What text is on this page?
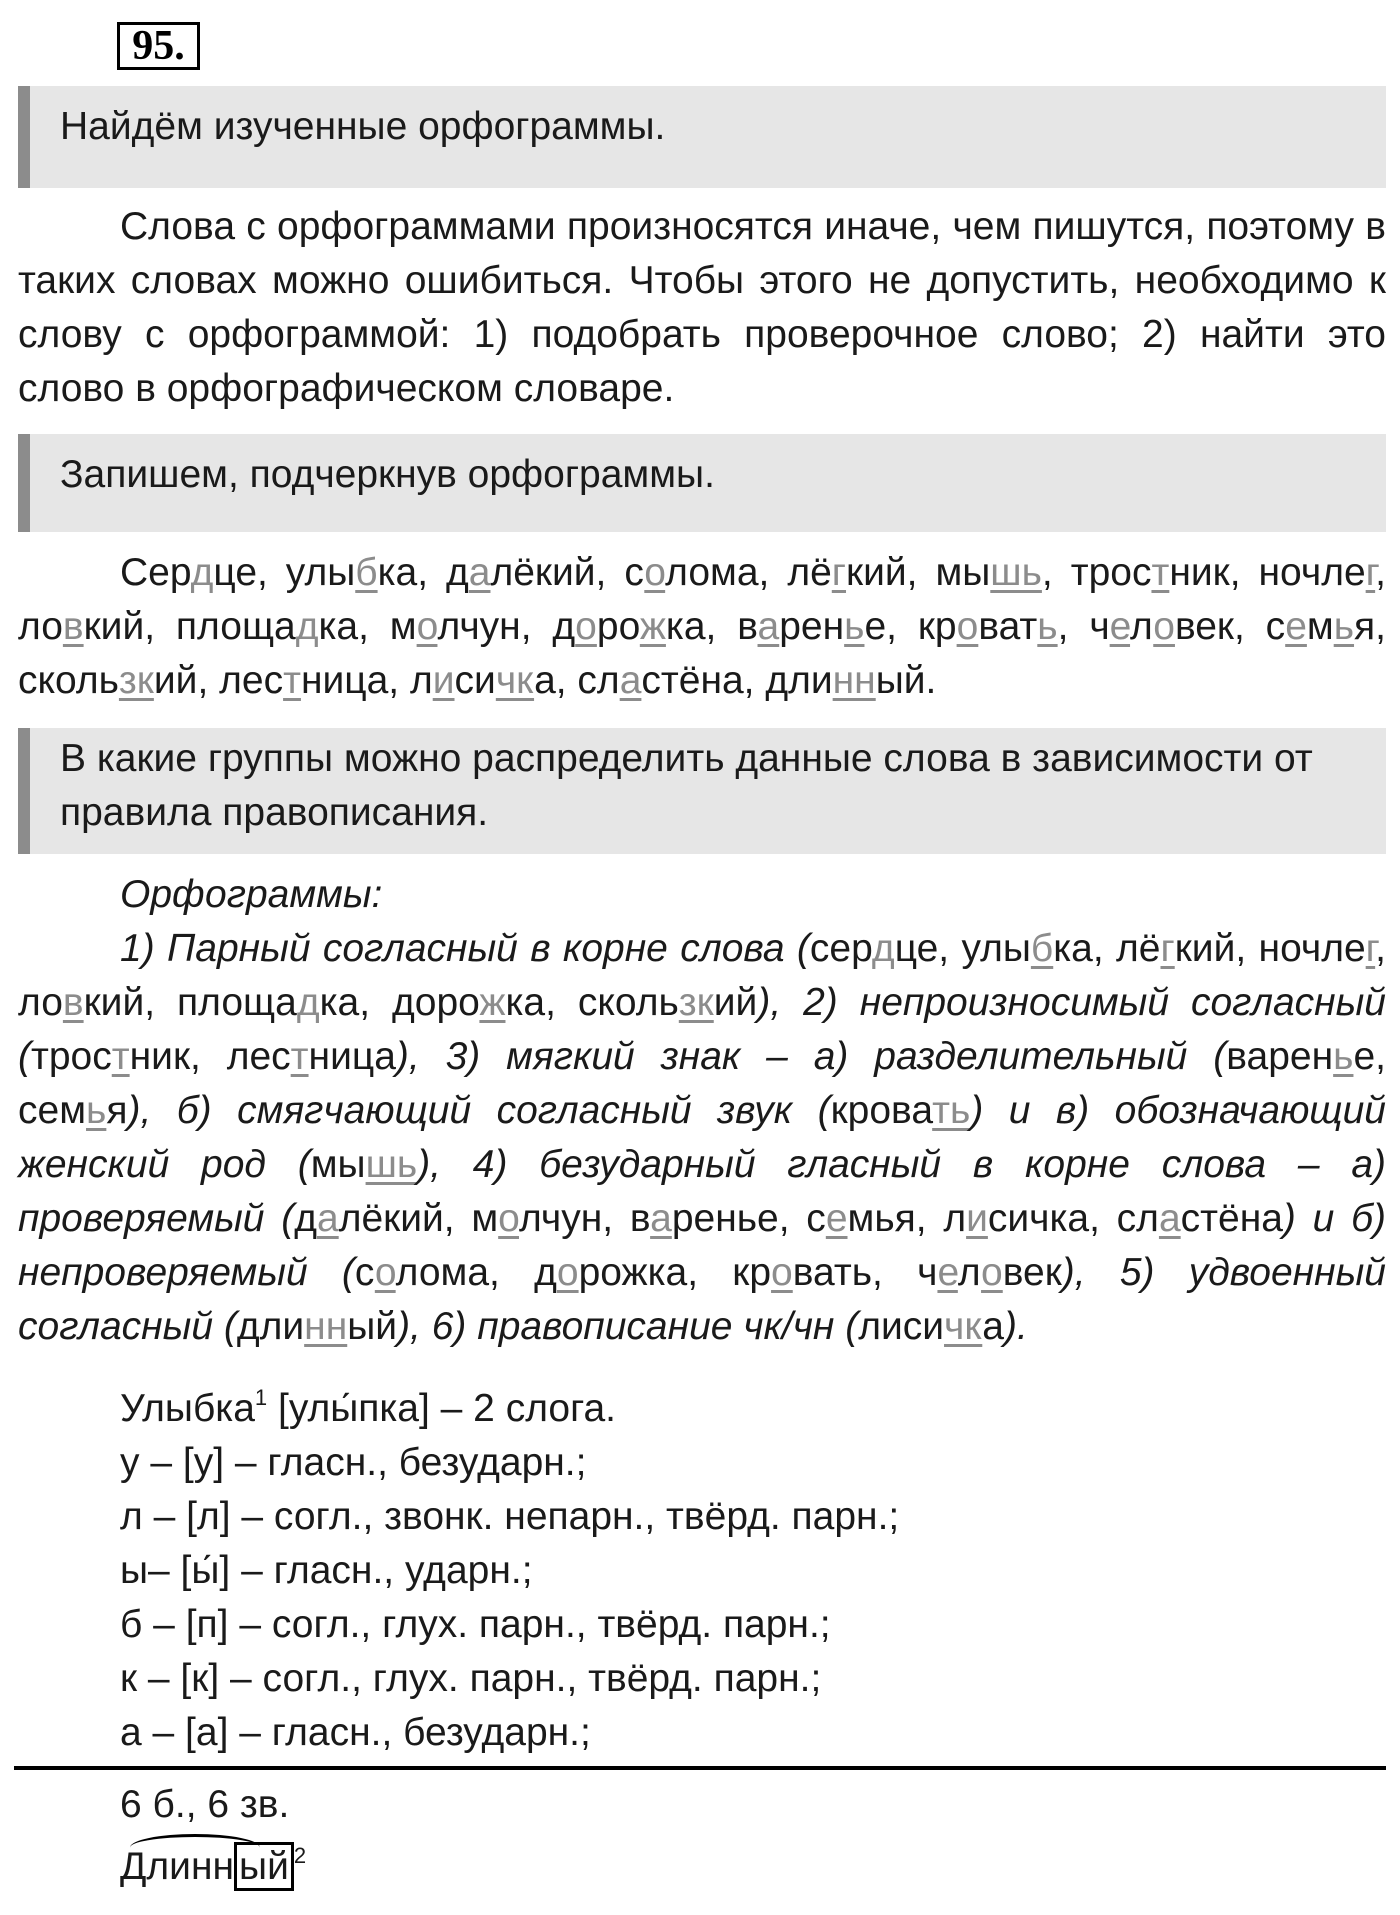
95.
Найдём изученные орфограммы.

Слова с орфограммами произносятся иначе, чем пишутся, поэтому в таких словах можно ошибиться. Чтобы этого не допустить, необходимо к слову с орфограммой: 1) подобрать проверочное слово; 2) найти это слово в орфографическом словаре.

Запишем, подчеркнув орфограммы.

Сердце, улыбка, далёкий, солома, лёгкий, мышь, тростник, ночлег, ловкий, площадка, молчун, дорожка, варенье, кровать, человек, семья, скользкий, лестница, лисичка, сластёна, длинный.

В какие группы можно распределить данные слова в зависимости от правила правописания.

Орфограммы:

1) Парный согласный в корне слова (сердце, улыбка, лёгкий, ночлег, ловкий, площадка, дорожка, скользкий), 2) непроизносимый согласный (тростник, лестница), 3) мягкий знак – а) разделительный (варенье, семья), б) смягчающий согласный звук (кровать) и в) обозначающий женский род (мышь), 4) безударный гласный в корне слова – а) проверяемый (далёкий, молчун, варенье, семья, лисичка, сластёна) и б) непроверяемый (солома, дорожка, кровать, человек), 5) удвоенный согласный (длинный), 6) правописание чк/чн (лисичка).

Улыбка$^1$ [улы́пка] – 2 слога.
у – [у] – гласн., безударн.;
л – [л] – согл., звонк. непарн., твёрд. парн.;
ы– [ы́] – гласн., ударн.;
б – [п] – согл., глух. парн., твёрд. парн.;
к – [к] – согл., глух. парн., твёрд. парн.;
а – [а] – гласн., безударн.;
6 б., 6 зв.
Длинн ый $^2$
